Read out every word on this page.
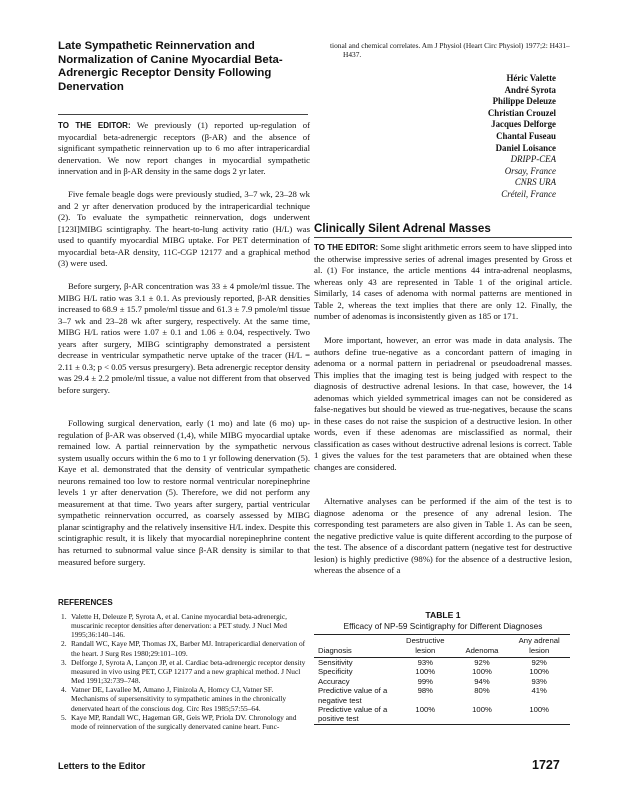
Late Sympathetic Reinnervation and Normalization of Canine Myocardial Beta-Adrenergic Receptor Density Following Denervation

TO THE EDITOR: We previously (1) reported up-regulation of myocardial beta-adrenergic receptors (β-AR) and the absence of significant sympathetic reinnervation up to 6 mo after intrapericardial denervation. We now report changes in myocardial sympathetic innervation and in β-AR density in the same dogs 2 yr later.

Five female beagle dogs were previously studied, 3–7 wk, 23–28 wk and 2 yr after denervation produced by the intrapericardial technique (2). To evaluate the sympathetic reinnervation, dogs underwent [123I]MIBG scintigraphy. The heart-to-lung activity ratio (H/L) was used to quantify myocardial MIBG uptake. For PET determination of myocardial beta-AR density, 11C-CGP 12177 and a graphical method (3) were used.

Before surgery, β-AR concentration was 33 ± 4 pmole/ml tissue. The MIBG H/L ratio was 3.1 ± 0.1. As previously reported, β-AR densities increased to 68.9 ± 15.7 pmole/ml tissue and 61.3 ± 7.9 pmole/ml tissue 3–7 wk and 23–28 wk after surgery, respectively. At the same time, MIBG H/L ratios were 1.07 ± 0.1 and 1.06 ± 0.04, respectively. Two years after surgery, MIBG scintigraphy demonstrated a persistent decrease in ventricular sympathetic nerve uptake of the tracer (H/L = 2.11 ± 0.3; p < 0.05 versus presurgery). Beta adrenergic receptor density was 29.4 ± 2.2 pmole/ml tissue, a value not different from that observed before surgery.

Following surgical denervation, early (1 mo) and late (6 mo) up-regulation of β-AR was observed (1,4), while MIBG myocardial uptake remained low. A partial reinnervation by the sympathetic nervous system usually occurs within the 6 mo to 1 yr following denervation (5). Kaye et al. demonstrated that the density of ventricular sympathetic neurons remained too low to restore normal ventricular norepinephrine levels 1 yr after denervation (5). Therefore, we did not perform any measurement at that time. Two years after surgery, partial ventricular sympathetic reinnervation occurred, as coarsely assessed by MIBG planar scintigraphy and the relatively insensitive H/L index. Despite this scintigraphic result, it is likely that myocardial norepinephrine content has returned to subnormal value since β-AR density is similar to that measured before surgery.

REFERENCES
1. Valette H, Deleuze P, Syrota A, et al. Canine myocardial beta-adrenergic, muscarinic receptor densities after denervation: a PET study. J Nucl Med 1995;36:140–146.
2. Randall WC, Kaye MP, Thomas JX, Barber MJ. Intrapericardial denervation of the heart. J Surg Res 1980;29:101–109.
3. Delforge J, Syrota A, Lançon JP, et al. Cardiac beta-adrenergic receptor density measured in vivo using PET, CGP 12177 and a new graphical method. J Nucl Med 1991;32:739–748.
4. Vatner DE, Lavallee M, Amano J, Finizola A, Homcy CJ, Vatner SF. Mechanisms of supersensitivity to sympathetic amines in the chronically denervated heart of the conscious dog. Circ Res 1985;57:55–64.
5. Kaye MP, Randall WC, Hageman GR, Geis WP, Priola DV. Chronology and mode of reinnervation of the surgically denervated canine heart. Func-
tional and chemical correlates. Am J Physiol (Heart Circ Physiol) 1977;2: H431–H437.
Héric Valette
André Syrota
Philippe Deleuze
Christian Crouzel
Jacques Delforge
Chantal Fuseau
Daniel Loisance
DRIPP-CEA
Orsay, France
CNRS URA
Créteil, France
Clinically Silent Adrenal Masses

TO THE EDITOR: Some slight arithmetic errors seem to have slipped into the otherwise impressive series of adrenal images presented by Gross et al. (1) For instance, the article mentions 44 intra-adrenal neoplasms, whereas only 43 are represented in Table 1 of the original article. Similarly, 14 cases of adenoma with normal patterns are mentioned in Table 2, whereas the text implies that there are only 12. Finally, the number of adenomas is inconsistently given as 185 or 171.

More important, however, an error was made in data analysis. The authors define true-negative as a concordant pattern of imaging in adenoma or a normal pattern in periadrenal or pseudoadrenal masses. This implies that the imaging test is being judged with respect to the diagnosis of destructive adrenal lesions. In that case, however, the 14 adenomas which yielded symmetrical images can not be considered as false-negatives but should be viewed as true-negatives, because the scans in these cases do not raise the suspicion of a destructive lesion. In other words, even if these adenomas are misclassified as normal, their classification as cases without destructive adrenal lesions is correct. Table 1 gives the values for the test parameters that are obtained when these changes are considered.

Alternative analyses can be performed if the aim of the test is to diagnose adenoma or the presence of any adrenal lesion. The corresponding test parameters are also given in Table 1. As can be seen, the negative predictive value is quite different according to the purpose of the test. The absence of a discordant pattern (negative test for destructive lesion) is highly predictive (98%) for the absence of a destructive lesion, whereas the absence of a

TABLE 1
Efficacy of NP-59 Scintigraphy for Different Diagnoses
Diagnosis	Destructive lesion	Adenoma	Any adrenal lesion
Sensitivity	93%	92%	92%
Specificity	100%	100%	100%
Accuracy	99%	94%	93%
Predictive value of a negative test	98%	80%	41%
Predictive value of a positive test	100%	100%	100%
Letters to the Editor	1727
